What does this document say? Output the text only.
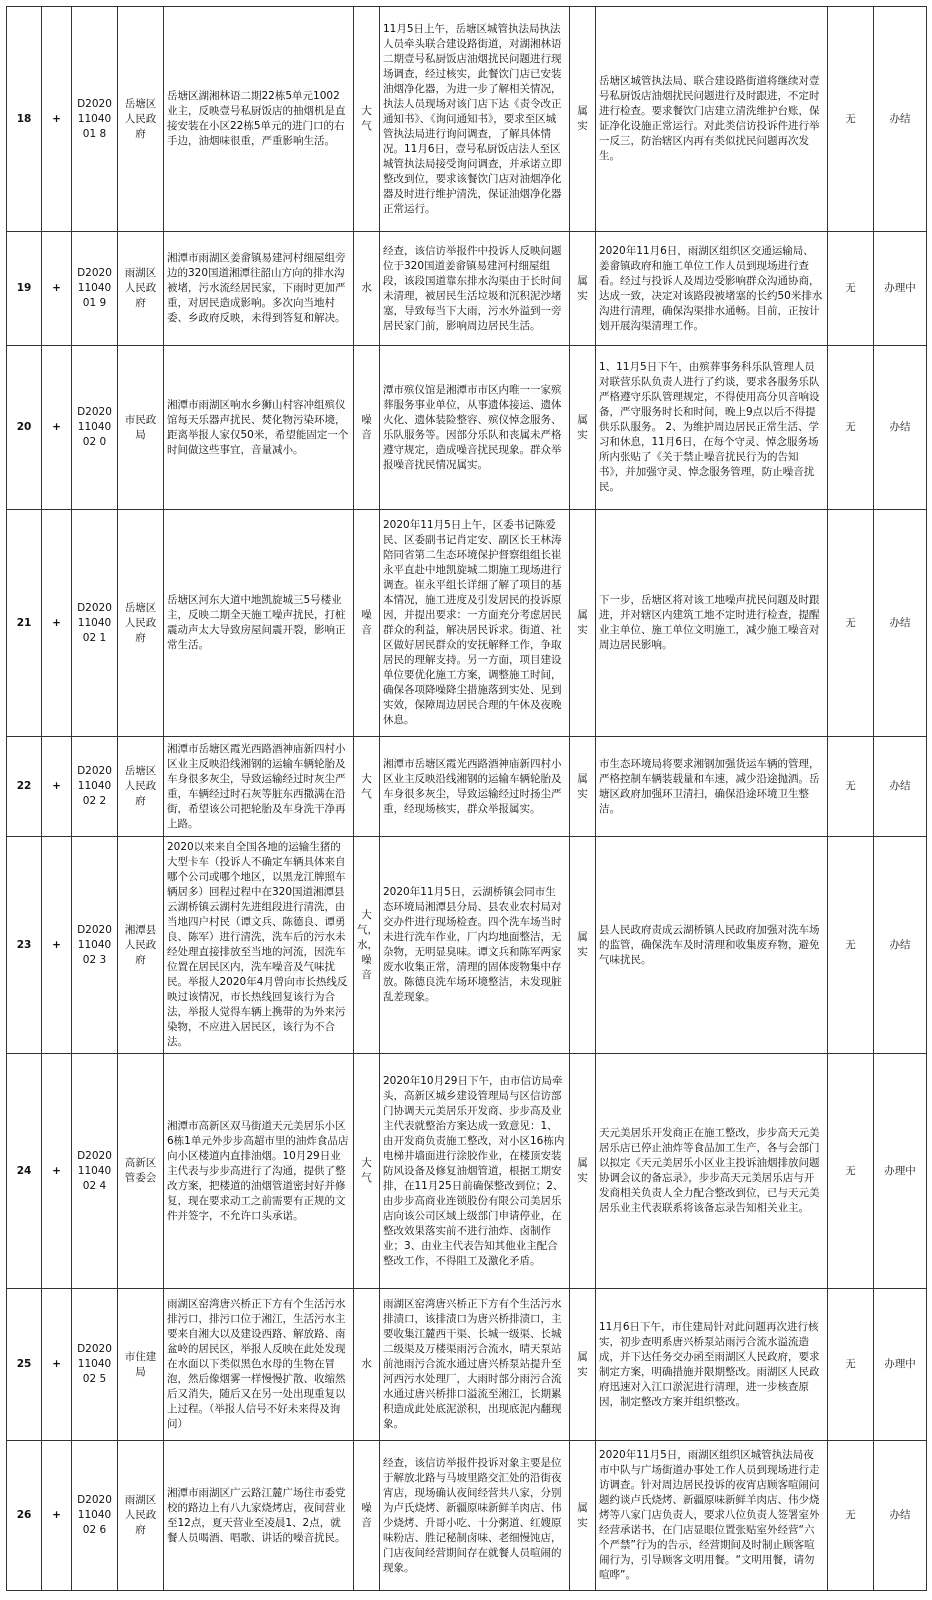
18	+	D20201104001 8	岳塘区人民政府	岳塘区湖湘林语二期22栋5单元1002业主，反映壹号私厨饭店的抽烟机是直接安装在小区22栋5单元的进门口的右手边，油烟味很重，严重影响生活。	大气	11月5日上午，岳塘区城管执法局执法人员牵头联合建设路街道，对湖湘林语二期壹号私厨饭店油烟扰民问题进行现场调查，经过核实，此餐饮门店已安装油烟净化器，为进一步了解相关情况，执法人员现场对该门店下达《责令改正通知书》、《询问通知书》，要求至区城管执法局进行询问调查，了解具体情况。11月6日，壹号私厨饭店法人至区城管执法局接受询问调查，并承诺立即整改到位，要求该餐饮门店对油烟净化器及时进行维护清洗，保证油烟净化器正常运行。	属实	岳塘区城管执法局、联合建设路街道将继续对壹号私厨饭店油烟扰民问题进行及时跟进，不定时进行检查。要求餐饮门店建立清洗维护台账，保证净化设施正常运行。对此类信访投诉件进行举一反三，防治辖区内再有类似扰民问题再次发生。	无	办结
19	+	D20201104001 9	雨湖区人民政府	湘潭市雨湖区姜畲镇易建河村细屋组旁边的320国道湘潭往韶山方向的排水沟被堵，污水流经居民家，下雨时更加严重，对居民造成影响。多次向当地村委、乡政府反映，未得到答复和解决。	水	经查，该信访举报件中投诉人反映问题位于320国道姜畲镇易建河村细屋组段，该段国道靠东排水沟渠由于长时间未清理，被居民生活垃圾和沉积泥沙堵塞，导致每当下大雨，污水外溢到一旁居民家门前，影响周边居民生活。	属实	2020年11月6日，雨湖区组织区交通运输局、姜畲镇政府和施工单位工作人员到现场进行查看。经过与投诉人及周边受影响群众沟通协商，达成一致，决定对该路段被堵塞的长约50米排水沟进行清理，确保沟渠排水通畅。目前，正按计划开展沟渠清理工作。	无	办理中
20	+	D20201104002 0	市民政局	湘潭市雨湖区响水乡狮山村容冲组殡仪馆每天乐器声扰民、焚化物污染环境，距离举报人家仅50米，希望能固定一个时间做这些事宜，音量减小。	噪音	潭市殡仪馆是湘潭市市区内唯一一家殡葬服务事业单位，从事遗体接运、遗体火化、遗体装险整容、殡仪悼念服务、乐队服务等。因部分乐队和丧属未严格遵守规定，造成噪音扰民现象。群众举报噪音扰民情况属实。	属实	1、11月5日下午，由殡葬事务科乐队管理人员对联营乐队负责人进行了约谈，要求各服务乐队严格遵守乐队管理规定，不得使用高分贝音响设备，严守服务时长和时间，晚上9点以后不得提供乐队服务。 2、为维护周边居民正常生活、学习和休息，11月6日，在每个守灵、悼念服务场所内张贴了《关于禁止噪音扰民行为的告知书》，并加强守灵、悼念服务管理，防止噪音扰民。	无	办结
21	+	D20201104002 1	岳塘区人民政府	岳塘区河东大道中地凯旋城三5号楼业主，反映二期全天施工噪声扰民，打桩震动声太大导致房屋间震开裂，影响正常生活。	噪音	2020年11月5日上午，区委书记陈爱民、区委副书记肖定安、副区长王林涛陪同省第二生态环境保护督察组组长崔永平直赴中地凯旋城二期施工现场进行调查。崔永平组长详细了解了项目的基本情况，施工进度及引发居民的投诉原因，并提出要求：一方面充分考虑居民群众的利益，解决居民诉求。街道、社区做好居民群众的安抚解释工作，争取居民的理解支持。另一方面，项目建设单位要优化施工方案，调整施工时间，确保各项降噪降尘措施落到实处、见到实效，保障周边居民合理的午休及夜晚休息。	属实	下一步，岳塘区将对该工地噪声扰民问题及时跟进，并对辖区内建筑工地不定时进行检查，提醒业主单位、施工单位文明施工，减少施工噪音对周边居民影响。	无	办结
22	+	D20201104002 2	岳塘区人民政府	湘潭市岳塘区霞光西路酒神庙新四村小区业主反映沿线湘钢的运输车辆轮胎及车身很多灰尘，导致运输经过时灰尘严重，车辆经过时石灰等脏东西撒满在沿街，希望该公司把轮胎及车身洗干净再上路。	大气	湘潭市岳塘区霞光西路酒神庙新四村小区业主反映沿线湘钢的运输车辆轮胎及车身很多灰尘，导致运输经过时扬尘严重，经现场核实，群众举报属实。	属实	市生态环境局将要求湘钢加强货运车辆的管理，严格控制车辆装载量和车速，减少沿途抛洒。岳塘区政府加强环卫清扫，确保沿途环境卫生整洁。	无	办结
23	+	D20201104002 3	湘潭县人民政府	2020以来来自全国各地的运输生猪的大型卡车（投诉人不确定车辆具体来自哪个公司或哪个地区，以黑龙江牌照车辆居多）回程过程中在320国道湘潭县云湖桥镇云湖村先进组段进行清洗，由当地四户村民（谭文兵、陈德良、谭勇良、陈军）进行清洗，洗车后的污水未经处理直接排放至当地的河流，因洗车位置在居民区内，洗车噪音及气味扰民。举报人2020年4月曾向市长热线反映过该情况，市长热线回复该行为合法，举报人觉得车辆上携带的为外来污染物，不应进入居民区，该行为不合法。	大气，水，噪音	2020年11月5日，云湖桥镇会同市生态环境局湘潭县分局、县农业农村局对交办件进行现场检查。四个洗车场当时未进行洗车作业，厂内均地面整洁，无杂物，无明显臭味。谭文兵和陈军两家废水收集正常，清理的固体废物集中存放。陈德良洗车场环境整洁，未发现脏乱差现象。	属实	县人民政府责成云湖桥镇人民政府加强对洗车场的监管，确保洗车及时清理和收集废弃物，避免气味扰民。	无	办结
24	+	D20201104002 4	高新区管委会	湘潭市高新区双马街道天元美居乐小区6栋1单元外步步高超市里的油炸食品店向小区楼道内直排油烟。10月29日业主代表与步步高进行了沟通，提供了整改方案，把楼道的油烟管道密封好并修复，现在要求动工之前需要有正规的文件并签字，不允许口头承诺。	大气	2020年10月29日下午，由市信访局牵头，高新区城乡建设管理局与区信访部门协调天元美居乐开发商、步步高及业主代表就整治方案达成一致意见：1、由开发商负责施工整改，对小区16栋内电梯井墙面进行涂胶作业，在楼顶安装防风设备及修复油烟管道，根据工期安排，在11月25日前确保整改到位；2、由步步高商业连锁股份有限公司美居乐店向该公司区域上级部门申请停业，在整改效果落实前不进行油炸、卤制作业；3、由业主代表告知其他业主配合整改工作，不得阻工及激化矛盾。	属实	天元美居乐开发商正在施工整改，步步高天元美居乐店已停止油炸等食品加工生产，各与会部门以拟定《天元美居乐小区业主投诉油烟排放问题协调会议的备忘录》，步步高天元美居乐店与开发商相关负责人全力配合整改到位，已与天元美居乐业主代表联系将该备忘录告知相关业主。	无	办理中
25	+	D20201104002 5	市住建局	雨湖区窑湾唐兴桥正下方有个生活污水排污口，排污口位于湘江，生活污水主要来自湘大以及建设西路、解放路、南盆岭的居民区，举报人反映在此处发现在水面以下类似黑色水母的生物在冒泡，然后像烟雾一样慢慢扩散、收缩然后又消失，随后又在另一处出现重复以上过程。（举报人信号不好未来得及询问）	水	雨湖区窑湾唐兴桥正下方有个生活污水排渍口，该排渍口为唐兴桥排渍口，主要收集江麓西干渠、长城一级渠、长城二级渠及万楼渠雨污合流水，晴天泵站前池雨污合流水通过唐兴桥泵站提升至河西污水处理厂，大雨时部分雨污合流水通过唐兴桥排口溢流至湘江，长期累积造成此处底泥淤积，出现底泥内翻现象。	属实	11月6日下午，市住建局针对此问题再次进行核实，初步查明系唐兴桥泵站雨污合流水溢流造成，并下达任务交办函至雨湖区人民政府，要求制定方案，明确措施并限期整改。雨湖区人民政府迅速对入江口淤泥进行清理，进一步核查原因，制定整改方案并组织整改。	无	办理中
26	+	D20201104002 6	雨湖区人民政府	湘潭市雨湖区广云路江麓广场往市委党校的路边上有八九家烧烤店，夜间营业至12点，夏天营业至凌晨1、2点，就餐人员喝酒、唱歌、讲话的噪音扰民。	噪音	经查，该信访举报件投诉对象主要是位于解放北路与马坡里路交汇处的沿街夜宵店，现场确认夜间经营共八家，分别为卢氏烧烤、新疆原味新鲜羊肉店、伟少烧烤、升哥小吃、十分粥道、红嫂原味粉店、胜记秘制卤味、老细慢饨店，门店夜间经营期间存在就餐人员喧闹的现象。	属实	2020年11月5日，雨湖区组织区城管执法局夜市中队与广场街道办事处工作人员到现场进行走访调查。针对周边居民投诉的夜宵店顾客喧闹问题约谈卢氏烧烤、新疆原味新鲜羊肉店、伟少烧烤等八家门店负责人，要求八位负责人签署室外经营承诺书，在门店显眼位置张贴室外经营“六个严禁”行为的告示，经营期间及时制止顾客喧闹行为，引导顾客文明用餐。“文明用餐，请勿喧哗”。	无	办结
